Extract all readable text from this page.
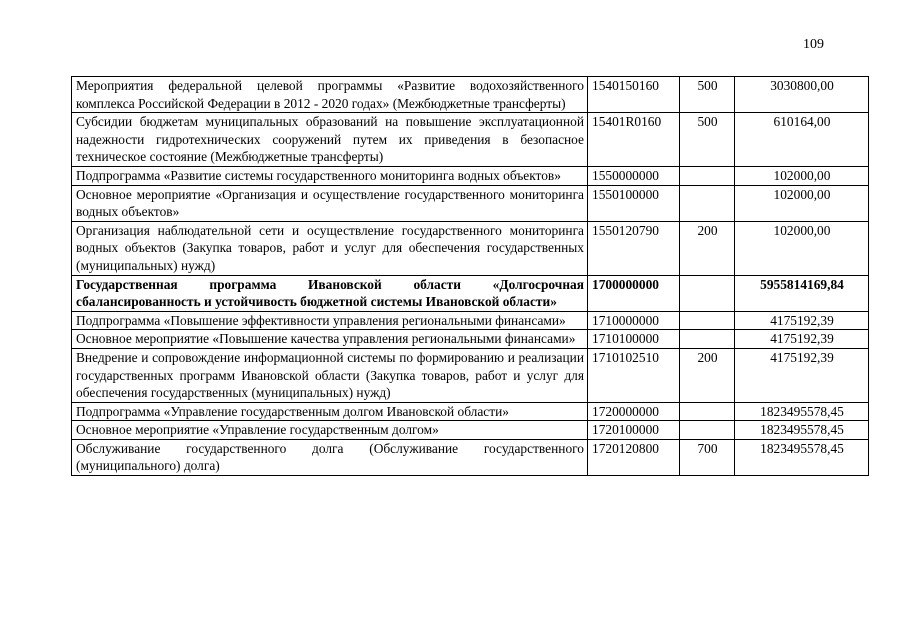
109
Мероприятия федеральной целевой программы «Развитие водохозяйственного комплекса Российской Федерации в 2012 - 2020 годах» (Межбюджетные трансферты)	1540150160	500	3030800,00
Субсидии бюджетам муниципальных образований на повышение эксплуатационной надежности гидротехнических сооружений путем их приведения в безопасное техническое состояние (Межбюджетные трансферты)	15401R0160	500	610164,00
Подпрограмма «Развитие системы государственного мониторинга водных объектов»	1550000000		102000,00
Основное мероприятие «Организация и осуществление государственного мониторинга водных объектов»	1550100000		102000,00
Организация наблюдательной сети и осуществление государственного мониторинга водных объектов (Закупка товаров, работ и услуг для обеспечения государственных (муниципальных) нужд)	1550120790	200	102000,00
Государственная программа Ивановской области «Долгосрочная сбалансированность и устойчивость бюджетной системы Ивановской области»	1700000000		5955814169,84
Подпрограмма «Повышение эффективности управления региональными финансами»	1710000000		4175192,39
Основное мероприятие «Повышение качества управления региональными финансами»	1710100000		4175192,39
Внедрение и сопровождение информационной системы по формированию и реализации государственных программ Ивановской области (Закупка товаров, работ и услуг для обеспечения государственных (муниципальных) нужд)	1710102510	200	4175192,39
Подпрограмма «Управление государственным долгом Ивановской области»	1720000000		1823495578,45
Основное мероприятие «Управление государственным долгом»	1720100000		1823495578,45
Обслуживание государственного долга (Обслуживание государственного (муниципального) долга)	1720120800	700	1823495578,45
